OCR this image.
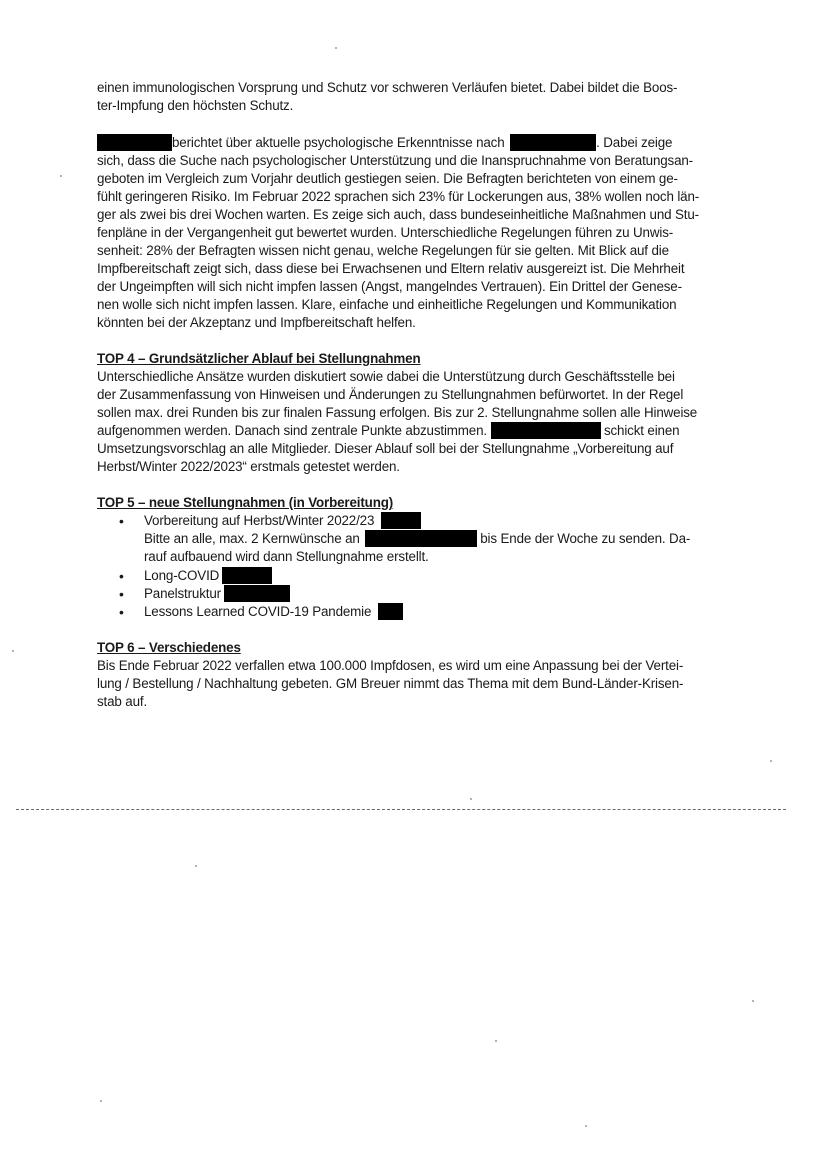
einen immunologischen Vorsprung und Schutz vor schweren Verläufen bietet. Dabei bildet die Boos-
ter-Impfung den höchsten Schutz.
berichtet über aktuelle psychologische Erkenntnisse nach	. Dabei zeige
sich, dass die Suche nach psychologischer Unterstützung und die Inanspruchnahme von Beratungsan-
geboten im Vergleich zum Vorjahr deutlich gestiegen seien. Die Befragten berichteten von einem ge-
fühlt geringeren Risiko. Im Februar 2022 sprachen sich 23% für Lockerungen aus, 38% wollen noch län-
ger als zwei bis drei Wochen warten. Es zeige sich auch, dass bundeseinheitliche Maßnahmen und Stu-
fenpläne in der Vergangenheit gut bewertet wurden. Unterschiedliche Regelungen führen zu Unwis-
senheit: 28% der Befragten wissen nicht genau, welche Regelungen für sie gelten. Mit Blick auf die
Impfbereitschaft zeigt sich, dass diese bei Erwachsenen und Eltern relativ ausgereizt ist. Die Mehrheit
der Ungeimpften will sich nicht impfen lassen (Angst, mangelndes Vertrauen). Ein Drittel der Genese-
nen wolle sich nicht impfen lassen. Klare, einfache und einheitliche Regelungen und Kommunikation
könnten bei der Akzeptanz und Impfbereitschaft helfen.
TOP 4 – Grundsätzlicher Ablauf bei Stellungnahmen
Unterschiedliche Ansätze wurden diskutiert sowie dabei die Unterstützung durch Geschäftsstelle bei
der Zusammenfassung von Hinweisen und Änderungen zu Stellungnahmen befürwortet. In der Regel
sollen max. drei Runden bis zur finalen Fassung erfolgen. Bis zur 2. Stellungnahme sollen alle Hinweise
aufgenommen werden. Danach sind zentrale Punkte abzustimmen.	schickt einen
Umsetzungsvorschlag an alle Mitglieder. Dieser Ablauf soll bei der Stellungnahme „Vorbereitung auf
Herbst/Winter 2022/2023“ erstmals getestet werden.
TOP 5 – neue Stellungnahmen (in Vorbereitung)
• Vorbereitung auf Herbst/Winter 2022/23
Bitte an alle, max. 2 Kernwünsche an	bis Ende der Woche zu senden. Da-
rauf aufbauend wird dann Stellungnahme erstellt.
• Long-COVID
• Panelstruktur
• Lessons Learned COVID-19 Pandemie
TOP 6 – Verschiedenes
Bis Ende Februar 2022 verfallen etwa 100.000 Impfdosen, es wird um eine Anpassung bei der Vertei-
lung / Bestellung / Nachhaltung gebeten. GM Breuer nimmt das Thema mit dem Bund-Länder-Krisen-
stab auf.
